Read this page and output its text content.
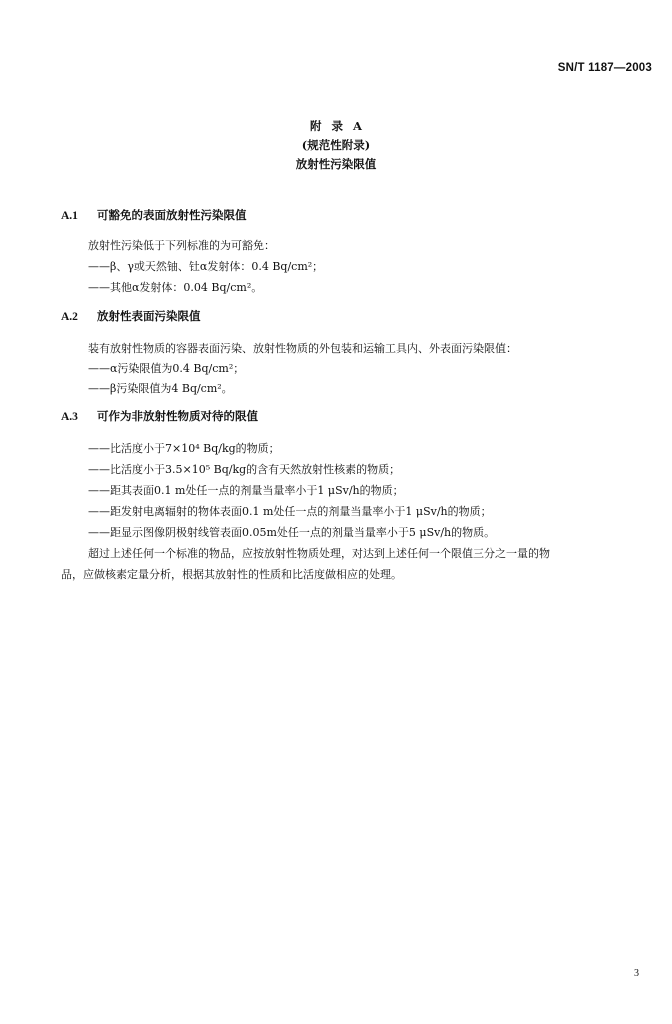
SN/T 1187—2003
附 录 A
(规范性附录)
放射性污染限值
A.1 可豁免的表面放射性污染限值
放射性污染低于下列标准的为可豁免：
——β、γ或天然铀、钍α发射体：0.4 Bq/cm²；
——其他α发射体：0.04 Bq/cm²。
A.2 放射性表面污染限值
装有放射性物质的容器表面污染、放射性物质的外包装和运输工具内、外表面污染限值：
——α污染限值为0.4 Bq/cm²；
——β污染限值为4 Bq/cm²。
A.3 可作为非放射性物质对待的限值
——比活度小于7×10⁴ Bq/kg的物质；
——比活度小于3.5×10⁵ Bq/kg的含有天然放射性核素的物质；
——距其表面0.1 m处任一点的剂量当量率小于1 μSv/h的物质；
——距发射电离辐射的物体表面0.1 m处任一点的剂量当量率小于1 μSv/h的物质；
——距显示图像阴极射线管表面0.05m处任一点的剂量当量率小于5 μSv/h的物质。
超过上述任何一个标准的物品，应按放射性物质处理，对达到上述任何一个限值三分之一量的物
品，应做核素定量分析，根据其放射性的性质和比活度做相应的处理。
3
